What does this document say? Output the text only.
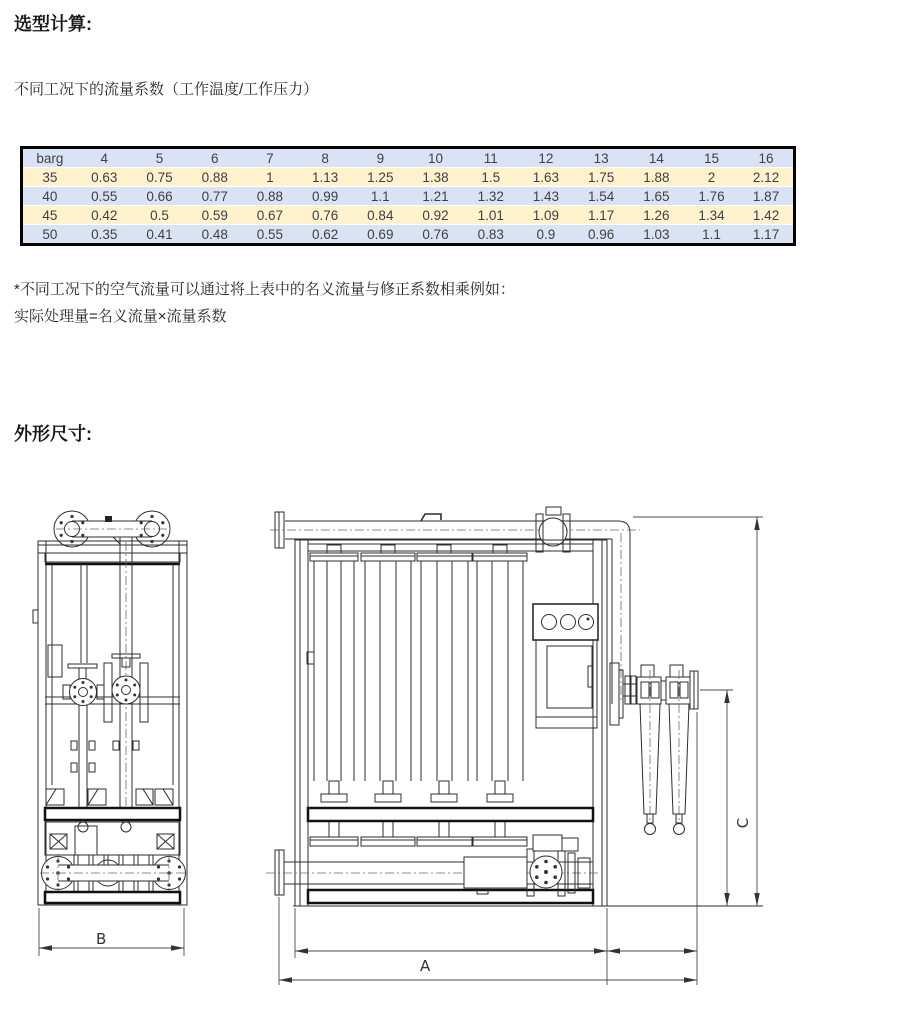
选型计算:

不同工况下的流量系数（工作温度/工作压力）

barg	4	5	6	7	8	9	10	11	12	13	14	15	16
35	0.63	0.75	0.88	1	1.13	1.25	1.38	1.5	1.63	1.75	1.88	2	2.12
40	0.55	0.66	0.77	0.88	0.99	1.1	1.21	1.32	1.43	1.54	1.65	1.76	1.87
45	0.42	0.5	0.59	0.67	0.76	0.84	0.92	1.01	1.09	1.17	1.26	1.34	1.42
50	0.35	0.41	0.48	0.55	0.62	0.69	0.76	0.83	0.9	0.96	1.03	1.1	1.17

*不同工况下的空气流量可以通过将上表中的名义流量与修正系数相乘例如：
实际处理量=名义流量×流量系数

外形尺寸:
B
A
C
